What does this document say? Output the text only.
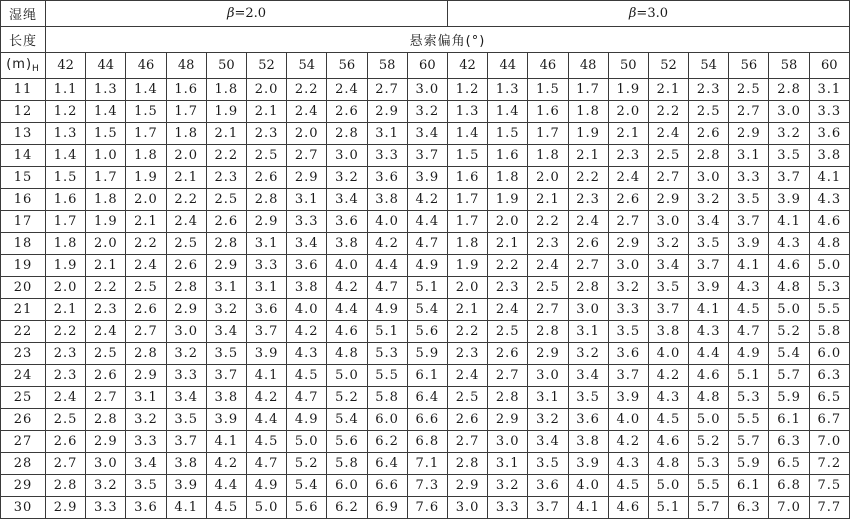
湿绳	β=2.0										β=3.0									
长度	悬索偏角(°)																			
$(m)_H$	42	44	46	48	50	52	54	56	58	60	42	44	46	48	50	52	54	56	58	60
11	1.1	1.3	1.4	1.6	1.8	2.0	2.2	2.4	2.7	3.0	1.2	1.3	1.5	1.7	1.9	2.1	2.3	2.5	2.8	3.1
12	1.2	1.4	1.5	1.7	1.9	2.1	2.4	2.6	2.9	3.2	1.3	1.4	1.6	1.8	2.0	2.2	2.5	2.7	3.0	3.3
13	1.3	1.5	1.7	1.8	2.1	2.3	2.0	2.8	3.1	3.4	1.4	1.5	1.7	1.9	2.1	2.4	2.6	2.9	3.2	3.6
14	1.4	1.0	1.8	2.0	2.2	2.5	2.7	3.0	3.3	3.7	1.5	1.6	1.8	2.1	2.3	2.5	2.8	3.1	3.5	3.8
15	1.5	1.7	1.9	2.1	2.3	2.6	2.9	3.2	3.6	3.9	1.6	1.8	2.0	2.2	2.4	2.7	3.0	3.3	3.7	4.1
16	1.6	1.8	2.0	2.2	2.5	2.8	3.1	3.4	3.8	4.2	1.7	1.9	2.1	2.3	2.6	2.9	3.2	3.5	3.9	4.3
17	1.7	1.9	2.1	2.4	2.6	2.9	3.3	3.6	4.0	4.4	1.7	2.0	2.2	2.4	2.7	3.0	3.4	3.7	4.1	4.6
18	1.8	2.0	2.2	2.5	2.8	3.1	3.4	3.8	4.2	4.7	1.8	2.1	2.3	2.6	2.9	3.2	3.5	3.9	4.3	4.8
19	1.9	2.1	2.4	2.6	2.9	3.3	3.6	4.0	4.4	4.9	1.9	2.2	2.4	2.7	3.0	3.4	3.7	4.1	4.6	5.0
20	2.0	2.2	2.5	2.8	3.1	3.1	3.8	4.2	4.7	5.1	2.0	2.3	2.5	2.8	3.2	3.5	3.9	4.3	4.8	5.3
21	2.1	2.3	2.6	2.9	3.2	3.6	4.0	4.4	4.9	5.4	2.1	2.4	2.7	3.0	3.3	3.7	4.1	4.5	5.0	5.5
22	2.2	2.4	2.7	3.0	3.4	3.7	4.2	4.6	5.1	5.6	2.2	2.5	2.8	3.1	3.5	3.8	4.3	4.7	5.2	5.8
23	2.3	2.5	2.8	3.2	3.5	3.9	4.3	4.8	5.3	5.9	2.3	2.6	2.9	3.2	3.6	4.0	4.4	4.9	5.4	6.0
24	2.3	2.6	2.9	3.3	3.7	4.1	4.5	5.0	5.5	6.1	2.4	2.7	3.0	3.4	3.7	4.2	4.6	5.1	5.7	6.3
25	2.4	2.7	3.1	3.4	3.8	4.2	4.7	5.2	5.8	6.4	2.5	2.8	3.1	3.5	3.9	4.3	4.8	5.3	5.9	6.5
26	2.5	2.8	3.2	3.5	3.9	4.4	4.9	5.4	6.0	6.6	2.6	2.9	3.2	3.6	4.0	4.5	5.0	5.5	6.1	6.7
27	2.6	2.9	3.3	3.7	4.1	4.5	5.0	5.6	6.2	6.8	2.7	3.0	3.4	3.8	4.2	4.6	5.2	5.7	6.3	7.0
28	2.7	3.0	3.4	3.8	4.2	4.7	5.2	5.8	6.4	7.1	2.8	3.1	3.5	3.9	4.3	4.8	5.3	5.9	6.5	7.2
29	2.8	3.2	3.5	3.9	4.4	4.9	5.4	6.0	6.6	7.3	2.9	3.2	3.6	4.0	4.5	5.0	5.5	6.1	6.8	7.5
30	2.9	3.3	3.6	4.1	4.5	5.0	5.6	6.2	6.9	7.6	3.0	3.3	3.7	4.1	4.6	5.1	5.7	6.3	7.0	7.7
